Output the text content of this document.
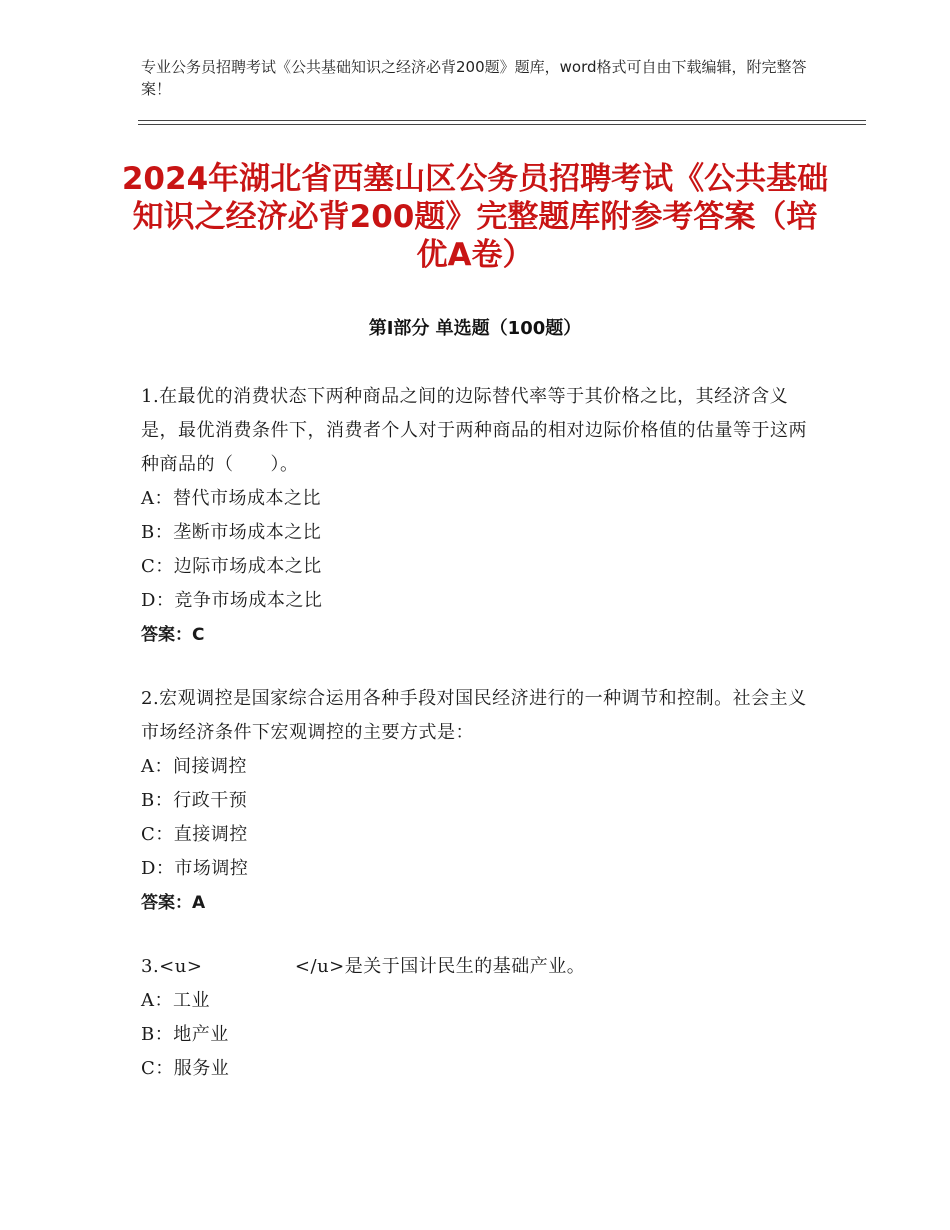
专业公务员招聘考试《公共基础知识之经济必背200题》题库，word格式可自由下载编辑，附完整答案！
2024年湖北省西塞山区公务员招聘考试《公共基础知识之经济必背200题》完整题库附参考答案（培优A卷）
第Ⅰ部分 单选题（100题）

1.在最优的消费状态下两种商品之间的边际替代率等于其价格之比，其经济含义是，最优消费条件下，消费者个人对于两种商品的相对边际价格值的估量等于这两种商品的（　　）。

A：替代市场成本之比

B：垄断市场成本之比

C：边际市场成本之比

D：竞争市场成本之比

答案：C

2.宏观调控是国家综合运用各种手段对国民经济进行的一种调节和控制。社会主义市场经济条件下宏观调控的主要方式是：

A：间接调控

B：行政干预

C：直接调控

D：市场调控

答案：A

3.<u>　　　　　</u>是关于国计民生的基础产业。

A：工业

B：地产业

C：服务业
